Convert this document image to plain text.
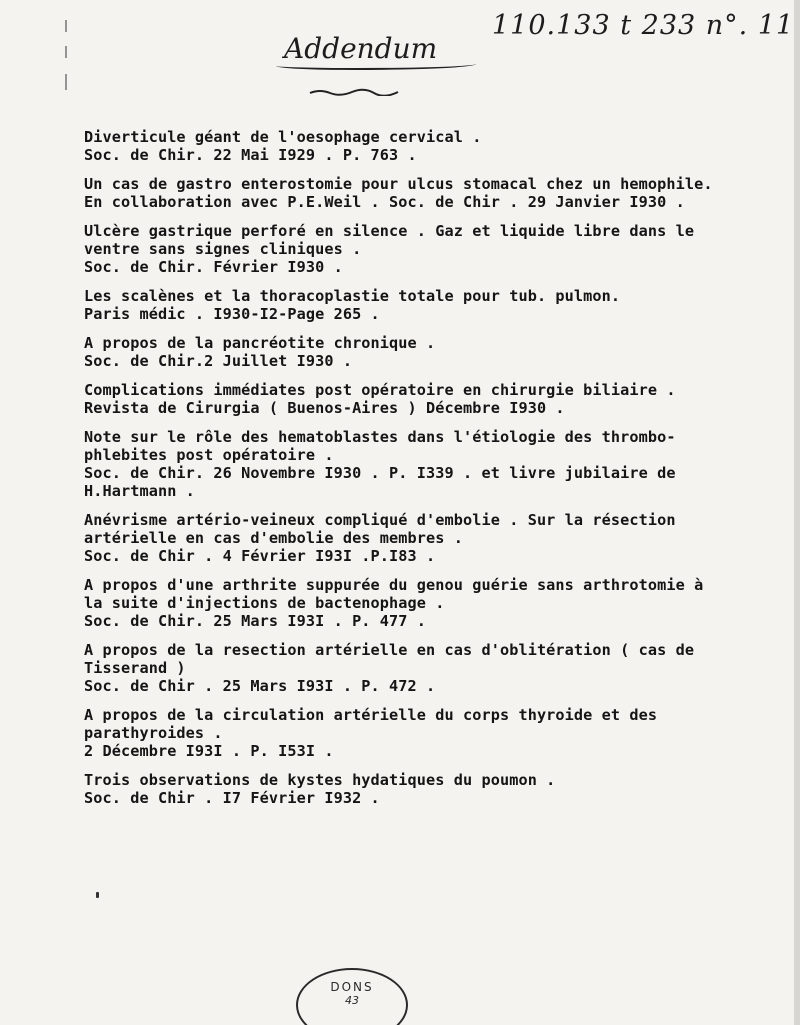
Addendum
110.133 t 233 n°. 11
Diverticule géant de l'oesophage cervical .
Soc. de Chir. 22 Mai I929 . P. 763 .
Un cas de gastro enterostomie pour ulcus stomacal chez un hemophile.
En collaboration avec P.E.Weil . Soc. de Chir . 29 Janvier I930 .
Ulcère gastrique perforé en silence . Gaz et liquide libre dans le
ventre sans signes cliniques .
Soc. de Chir. Février I930 .
Les scalènes et la thoracoplastie totale pour tub. pulmon.
Paris médic . I930-I2-Page 265 .
A propos de la pancréotite chronique .
Soc. de Chir.2 Juillet I930 .
Complications immédiates post opératoire en chirurgie biliaire .
Revista de Cirurgia ( Buenos-Aires ) Décembre I930 .
Note sur le rôle des hematoblastes dans l'étiologie des thrombo-
phlebites post opératoire .
Soc. de Chir. 26 Novembre I930 . P. I339 . et livre jubilaire de
H.Hartmann .
Anévrisme artério-veineux compliqué d'embolie . Sur la résection
artérielle en cas d'embolie des membres .
Soc. de Chir . 4 Février I93I .P.I83 .
A propos d'une arthrite suppurée du genou guérie sans arthrotomie à
la suite d'injections de bactenophage .
Soc. de Chir. 25 Mars I93I . P. 477 .
A propos de la resection artérielle en cas d'oblitération ( cas de
Tisserand )
Soc. de Chir . 25 Mars I93I . P. 472 .
A propos de la circulation artérielle du corps thyroide et des
parathyroides .
2 Décembre I93I . P. I53I .
Trois observations de kystes hydatiques du poumon .
Soc. de Chir . I7 Février I932 .
DONS
43
